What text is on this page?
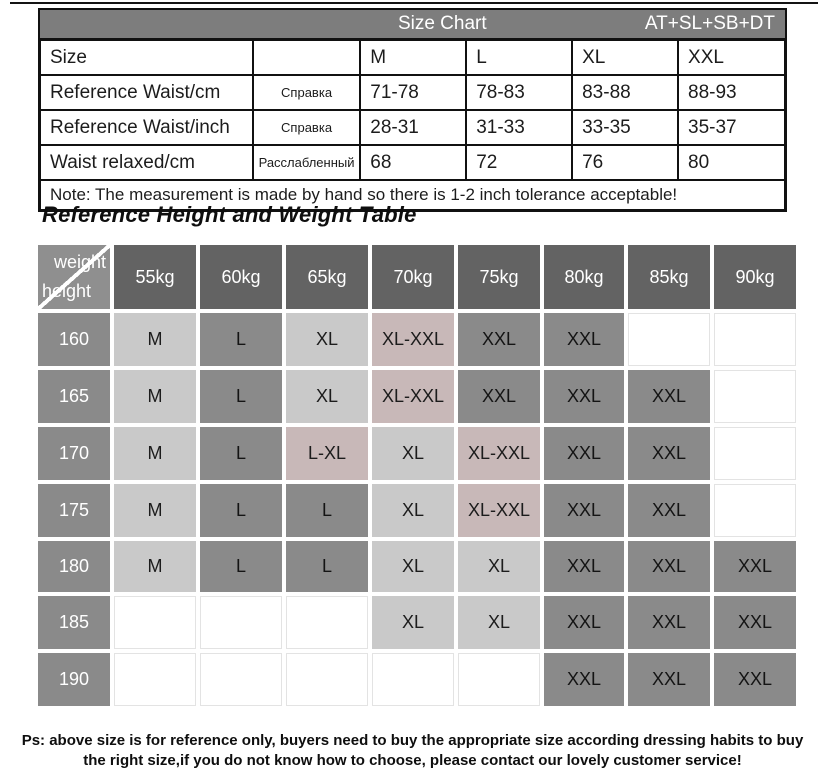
Size Chart	AT+SL+SB+DT
Size		M	L	XL	XXL
Reference Waist/cm	Справка	71-78	78-83	83-88	88-93
Reference Waist/inch	Справка	28-31	31-33	33-35	35-37
Waist relaxed/cm	Расслабленный	68	72	76	80
Note: The measurement is made by hand so there is 1-2 inch tolerance acceptable!					
Reference Height and Weight Table
weight
height	55kg	60kg	65kg	70kg	75kg	80kg	85kg	90kg
160	M	L	XL	XL-XXL	XXL	XXL		
165	M	L	XL	XL-XXL	XXL	XXL	XXL	
170	M	L	L-XL	XL	XL-XXL	XXL	XXL	
175	M	L	L	XL	XL-XXL	XXL	XXL	
180	M	L	L	XL	XL	XXL	XXL	XXL
185				XL	XL	XXL	XXL	XXL
190						XXL	XXL	XXL

Ps: above size is for reference only, buyers need to buy the appropriate size according dressing habits to buy
the right size,if you do not know how to choose, please contact our lovely customer service!
